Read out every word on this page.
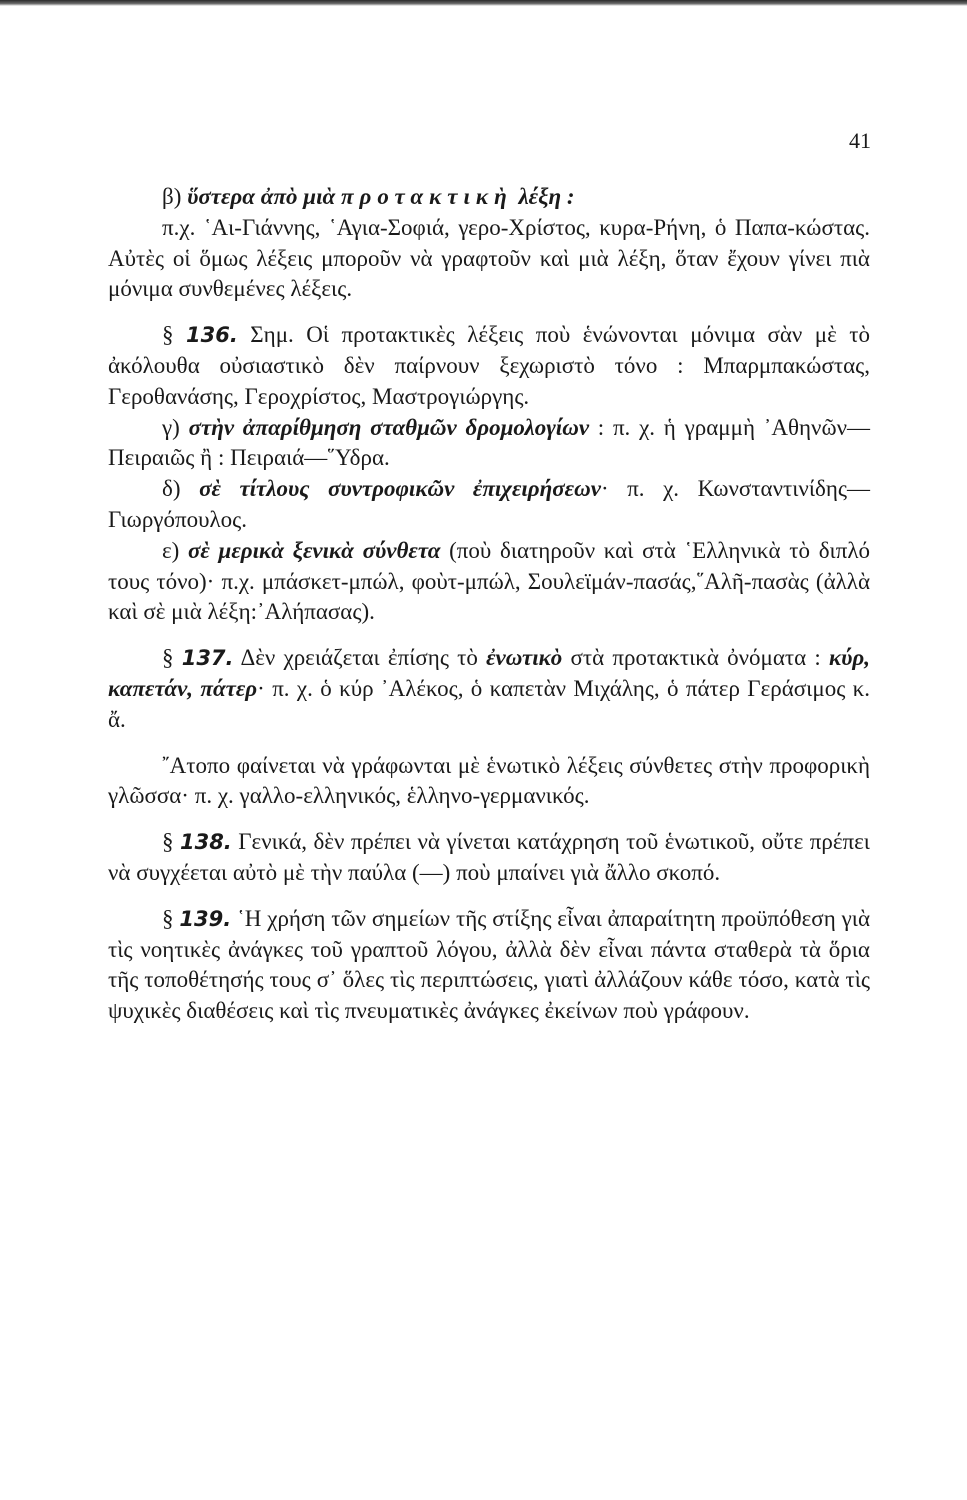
41

β) ὕστερα ἀπὸ μιὰ προτακτικὴ λέξη :

π.χ. ῾Αι-Γιάννης, ῾Αγια-Σοφιά, γερο-Χρίστος, κυρα-Ρήνη, ὁ Παπα-κώστας. Αὐτὲς οἱ ὅμως λέξεις μποροῦν νὰ γραφτοῦν καὶ μιὰ λέξη, ὅταν ἔχουν γίνει πιὰ μόνιμα συνθεμένες λέξεις.

§ 136. Σημ. Οἱ προτακτικὲς λέξεις ποὺ ἑνώνονται μόνιμα σὰν μὲ τὸ ἀκόλουθα οὐσιαστικὸ δὲν παίρνουν ξεχωριστὸ τόνο : Μπαρμπακώστας, Γεροθανάσης, Γεροχρίστος, Μαστρογιώργης.

γ) στὴν ἀπαρίθμηση σταθμῶν δρομολογίων : π. χ. ἡ γραμμὴ ᾿Αθηνῶν—Πειραιῶς ἢ : Πειραιά—῞Υδρα.

δ) σὲ τίτλους συντροφικῶν ἐπιχειρήσεων· π. χ. Κωνσταντινίδης—Γιωργόπουλος.

ε) σὲ μερικὰ ξενικὰ σύνθετα (ποὺ διατηροῦν καὶ στὰ ῾Ελληνικὰ τὸ διπλό τους τόνο)· π.χ. μπάσκετ-μπώλ, φοὺτ-μπώλ, Σουλεϊμάν-πασάς,῞Αλῆ-πασὰς (ἀλλὰ καὶ σὲ μιὰ λέξη:᾿Αλήπασας).

§ 137. Δὲν χρειάζεται ἐπίσης τὸ ἐνωτικὸ στὰ προτακτικὰ ὀνόματα : κύρ, καπετάν, πάτερ· π. χ. ὁ κύρ ᾿Αλέκος, ὁ καπετὰν Μιχάλης, ὁ πάτερ Γεράσιμος κ. ἄ.

῎Ατοπο φαίνεται νὰ γράφωνται μὲ ἑνωτικὸ λέξεις σύνθετες στὴν προφορικὴ γλῶσσα· π. χ. γαλλο-ελληνικός, ἑλληνο-γερμανικός.

§ 138. Γενικά, δὲν πρέπει νὰ γίνεται κατάχρηση τοῦ ἑνωτικοῦ, οὔτε πρέπει νὰ συγχέεται αὐτὸ μὲ τὴν παύλα (—) ποὺ μπαίνει γιὰ ἄλλο σκοπό.

§ 139. ῾Η χρήση τῶν σημείων τῆς στίξης εἶναι ἀπαραίτητη προϋπόθεση γιὰ τὶς νοητικὲς ἀνάγκες τοῦ γραπτοῦ λόγου, ἀλλὰ δὲν εἶναι πάντα σταθερὰ τὰ ὅρια τῆς τοποθέτησής τους σ᾿ ὅλες τὶς περιπτώσεις, γιατὶ ἀλλάζουν κάθε τόσο, κατὰ τὶς ψυχικὲς διαθέσεις καὶ τὶς πνευματικὲς ἀνάγκες ἐκείνων ποὺ γράφουν.
